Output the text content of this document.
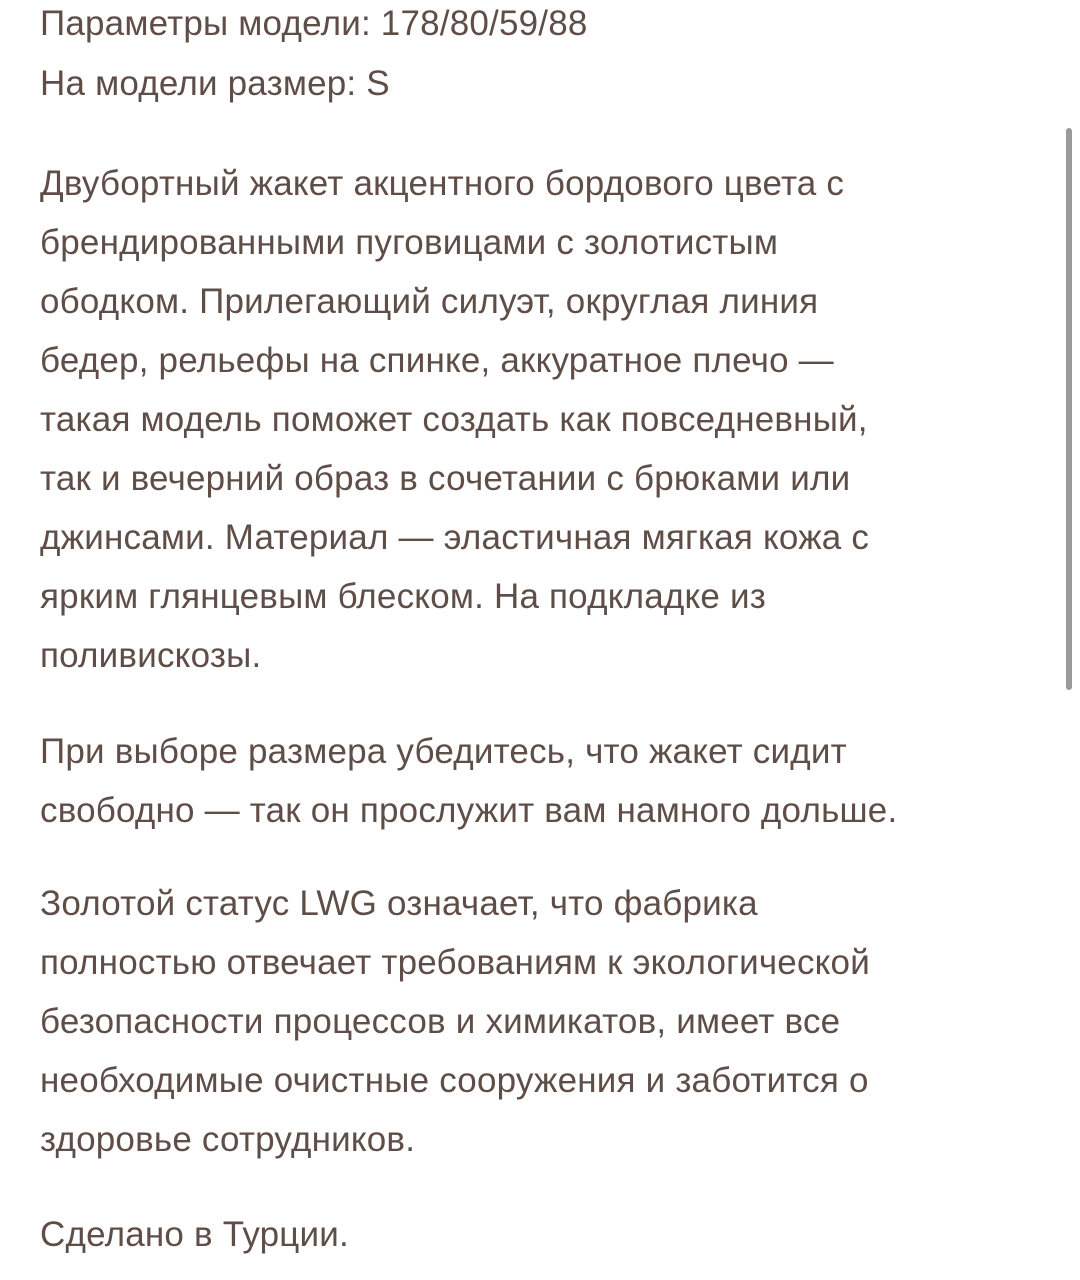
Параметры модели: 178/80/59/88
На модели размер: S
Двубортный жакет акцентного бордового цвета с
брендированными пуговицами с золотистым
ободком. Прилегающий силуэт, округлая линия
бедер, рельефы на спинке, аккуратное плечо —
такая модель поможет создать как повседневный,
так и вечерний образ в сочетании с брюками или
джинсами. Материал — эластичная мягкая кожа с
ярким глянцевым блеском. На подкладке из
поливискозы.
При выборе размера убедитесь, что жакет сидит
свободно — так он прослужит вам намного дольше.
Золотой статус LWG означает, что фабрика
полностью отвечает требованиям к экологической
безопасности процессов и химикатов, имеет все
необходимые очистные сооружения и заботится о
здоровье сотрудников.
Сделано в Турции.
